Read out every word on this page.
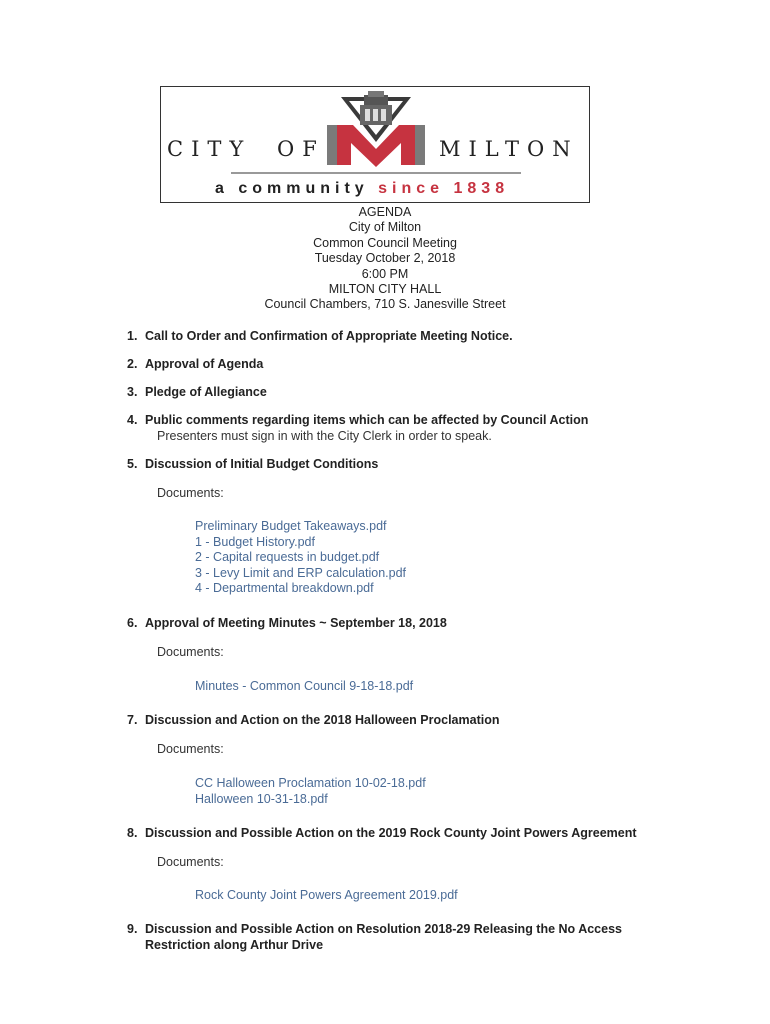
CITY OF	MILTON
a community since 1838
AGENDA
City of Milton
Common Council Meeting
Tuesday October 2, 2018
6:00 PM
MILTON CITY HALL
Council Chambers, 710 S. Janesville Street
1. Call to Order and Confirmation of Appropriate Meeting Notice.
2. Approval of Agenda
3. Pledge of Allegiance
4. Public comments regarding items which can be affected by Council Action
Presenters must sign in with the City Clerk in order to speak.
5. Discussion of Initial Budget Conditions
Documents:
Preliminary Budget Takeaways.pdf
1 - Budget History.pdf
2 - Capital requests in budget.pdf
3 - Levy Limit and ERP calculation.pdf
4 - Departmental breakdown.pdf
6. Approval of Meeting Minutes ~ September 18, 2018
Documents:
Minutes - Common Council 9-18-18.pdf
7. Discussion and Action on the 2018 Halloween Proclamation
Documents:
CC Halloween Proclamation 10-02-18.pdf
Halloween 10-31-18.pdf
8. Discussion and Possible Action on the 2019 Rock County Joint Powers Agreement
Documents:
Rock County Joint Powers Agreement 2019.pdf
9. Discussion and Possible Action on Resolution 2018-29 Releasing the No Access
Restriction along Arthur Drive
